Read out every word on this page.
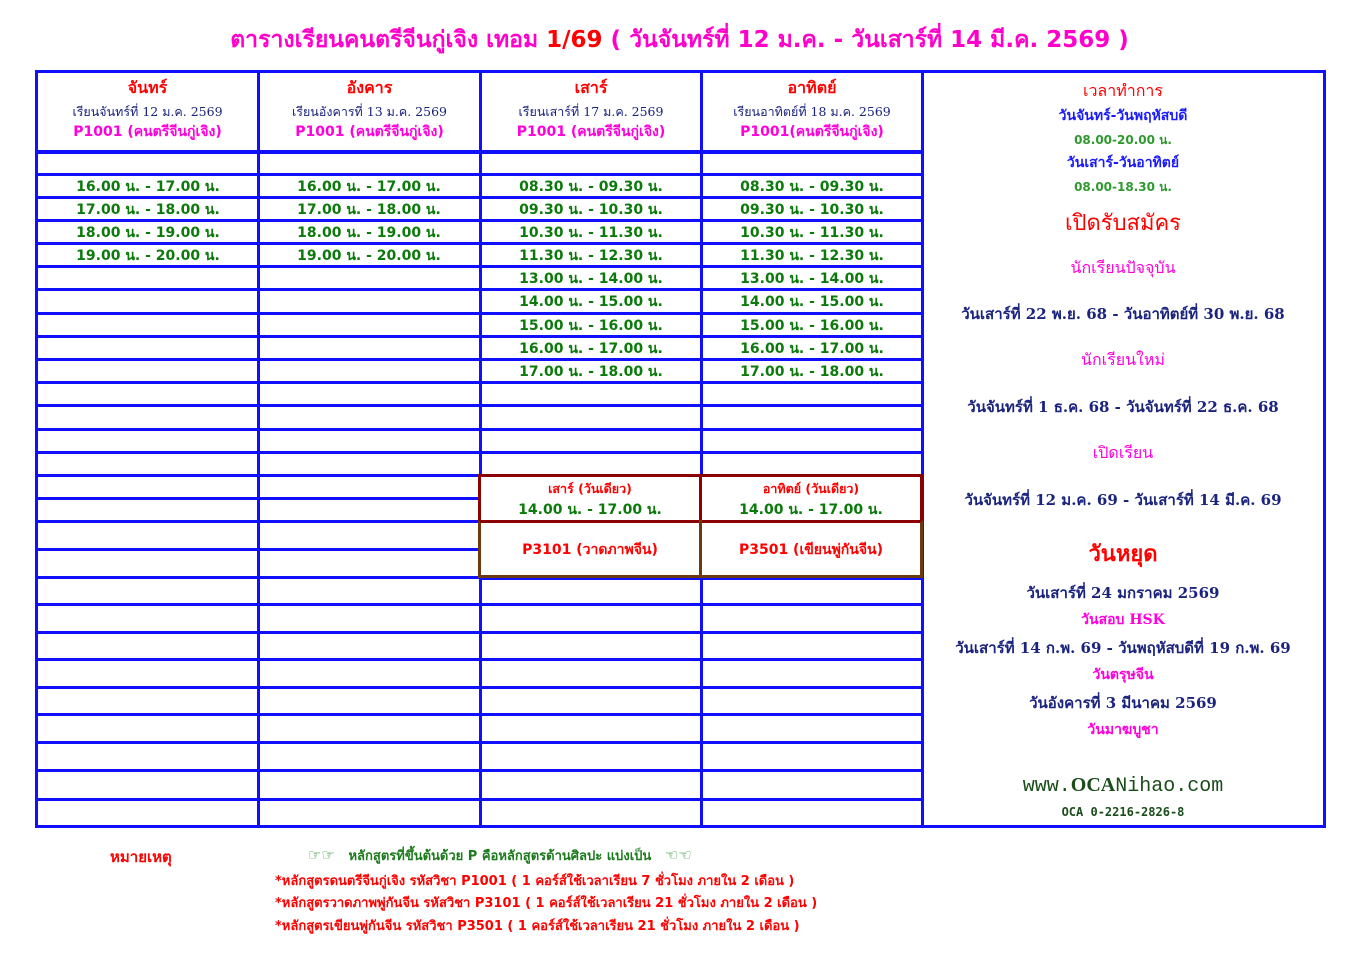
ตารางเรียนคนตรีจีนกู่เจิง เทอม 1/69 ( วันจันทร์ที่ 12 ม.ค. - วันเสาร์ที่ 14 มี.ค. 2569 )
จันทร์
เรียนจันทร์ที่ 12 ม.ค. 2569
P1001 (คนตรีจีนกู่เจิง)
อังคาร
เรียนอังคารที่ 13 ม.ค. 2569
P1001 (คนตรีจีนกู่เจิง)
เสาร์
เรียนเสาร์ที่ 17 ม.ค. 2569
P1001 (คนตรีจีนกู่เจิง)
อาทิตย์
เรียนอาทิตย์ที่ 18 ม.ค. 2569
P1001(คนตรีจีนกู่เจิง)
16.00 น. - 17.00 น.
17.00 น. - 18.00 น.
18.00 น. - 19.00 น.
19.00 น. - 20.00 น.
16.00 น. - 17.00 น.
17.00 น. - 18.00 น.
18.00 น. - 19.00 น.
19.00 น. - 20.00 น.
08.30 น. - 09.30 น.
09.30 น. - 10.30 น.
10.30 น. - 11.30 น.
11.30 น. - 12.30 น.
13.00 น. - 14.00 น.
14.00 น. - 15.00 น.
15.00 น. - 16.00 น.
16.00 น. - 17.00 น.
17.00 น. - 18.00 น.
08.30 น. - 09.30 น.
09.30 น. - 10.30 น.
10.30 น. - 11.30 น.
11.30 น. - 12.30 น.
13.00 น. - 14.00 น.
14.00 น. - 15.00 น.
15.00 น. - 16.00 น.
16.00 น. - 17.00 น.
17.00 น. - 18.00 น.
เสาร์ (วันเดียว)
14.00 น. - 17.00 น.
P3101 (วาดภาพจีน)
อาทิตย์ (วันเดียว)
14.00 น. - 17.00 น.
P3501 (เขียนพู่กันจีน)
เวลาทำการ
วันจันทร์-วันพฤหัสบดี
08.00-20.00 น.
วันเสาร์-วันอาทิตย์
08.00-18.30 น.
เปิดรับสมัคร
นักเรียนปัจจุบัน
วันเสาร์ที่ 22 พ.ย. 68 - วันอาทิตย์ที่ 30 พ.ย. 68
นักเรียนใหม่
วันจันทร์ที่ 1 ธ.ค. 68 - วันจันทร์ที่ 22 ธ.ค. 68
เปิดเรียน
วันจันทร์ที่ 12 ม.ค. 69 - วันเสาร์ที่ 14 มี.ค. 69
วันหยุด
วันเสาร์ที่ 24 มกราคม 2569
วันสอบ HSK
วันเสาร์ที่ 14 ก.พ. 69 - วันพฤหัสบดีที่ 19 ก.พ. 69
วันตรุษจีน
วันอังคารที่ 3 มีนาคม 2569
วันมาฆบูชา
www.OCANihao.com
OCA 0-2216-2826-8
หมายเหตุ	☞☞ หลักสูตรที่ขึ้นต้นด้วย P คือหลักสูตรด้านศิลปะ แบ่งเป็น ☜☜
*หลักสูตรดนตรีจีนกู่เจิง รหัสวิชา P1001 ( 1 คอร์ส์ใช้เวลาเรียน 7 ชั่วโมง ภายใน 2 เดือน )
*หลักสูตรวาดภาพพู่กันจีน รหัสวิชา P3101 ( 1 คอร์ส์ใช้เวลาเรียน 21 ชั่วโมง ภายใน 2 เดือน )
*หลักสูตรเขียนพู่กันจีน รหัสวิชา P3501 ( 1 คอร์ส์ใช้เวลาเรียน 21 ชั่วโมง ภายใน 2 เดือน )
